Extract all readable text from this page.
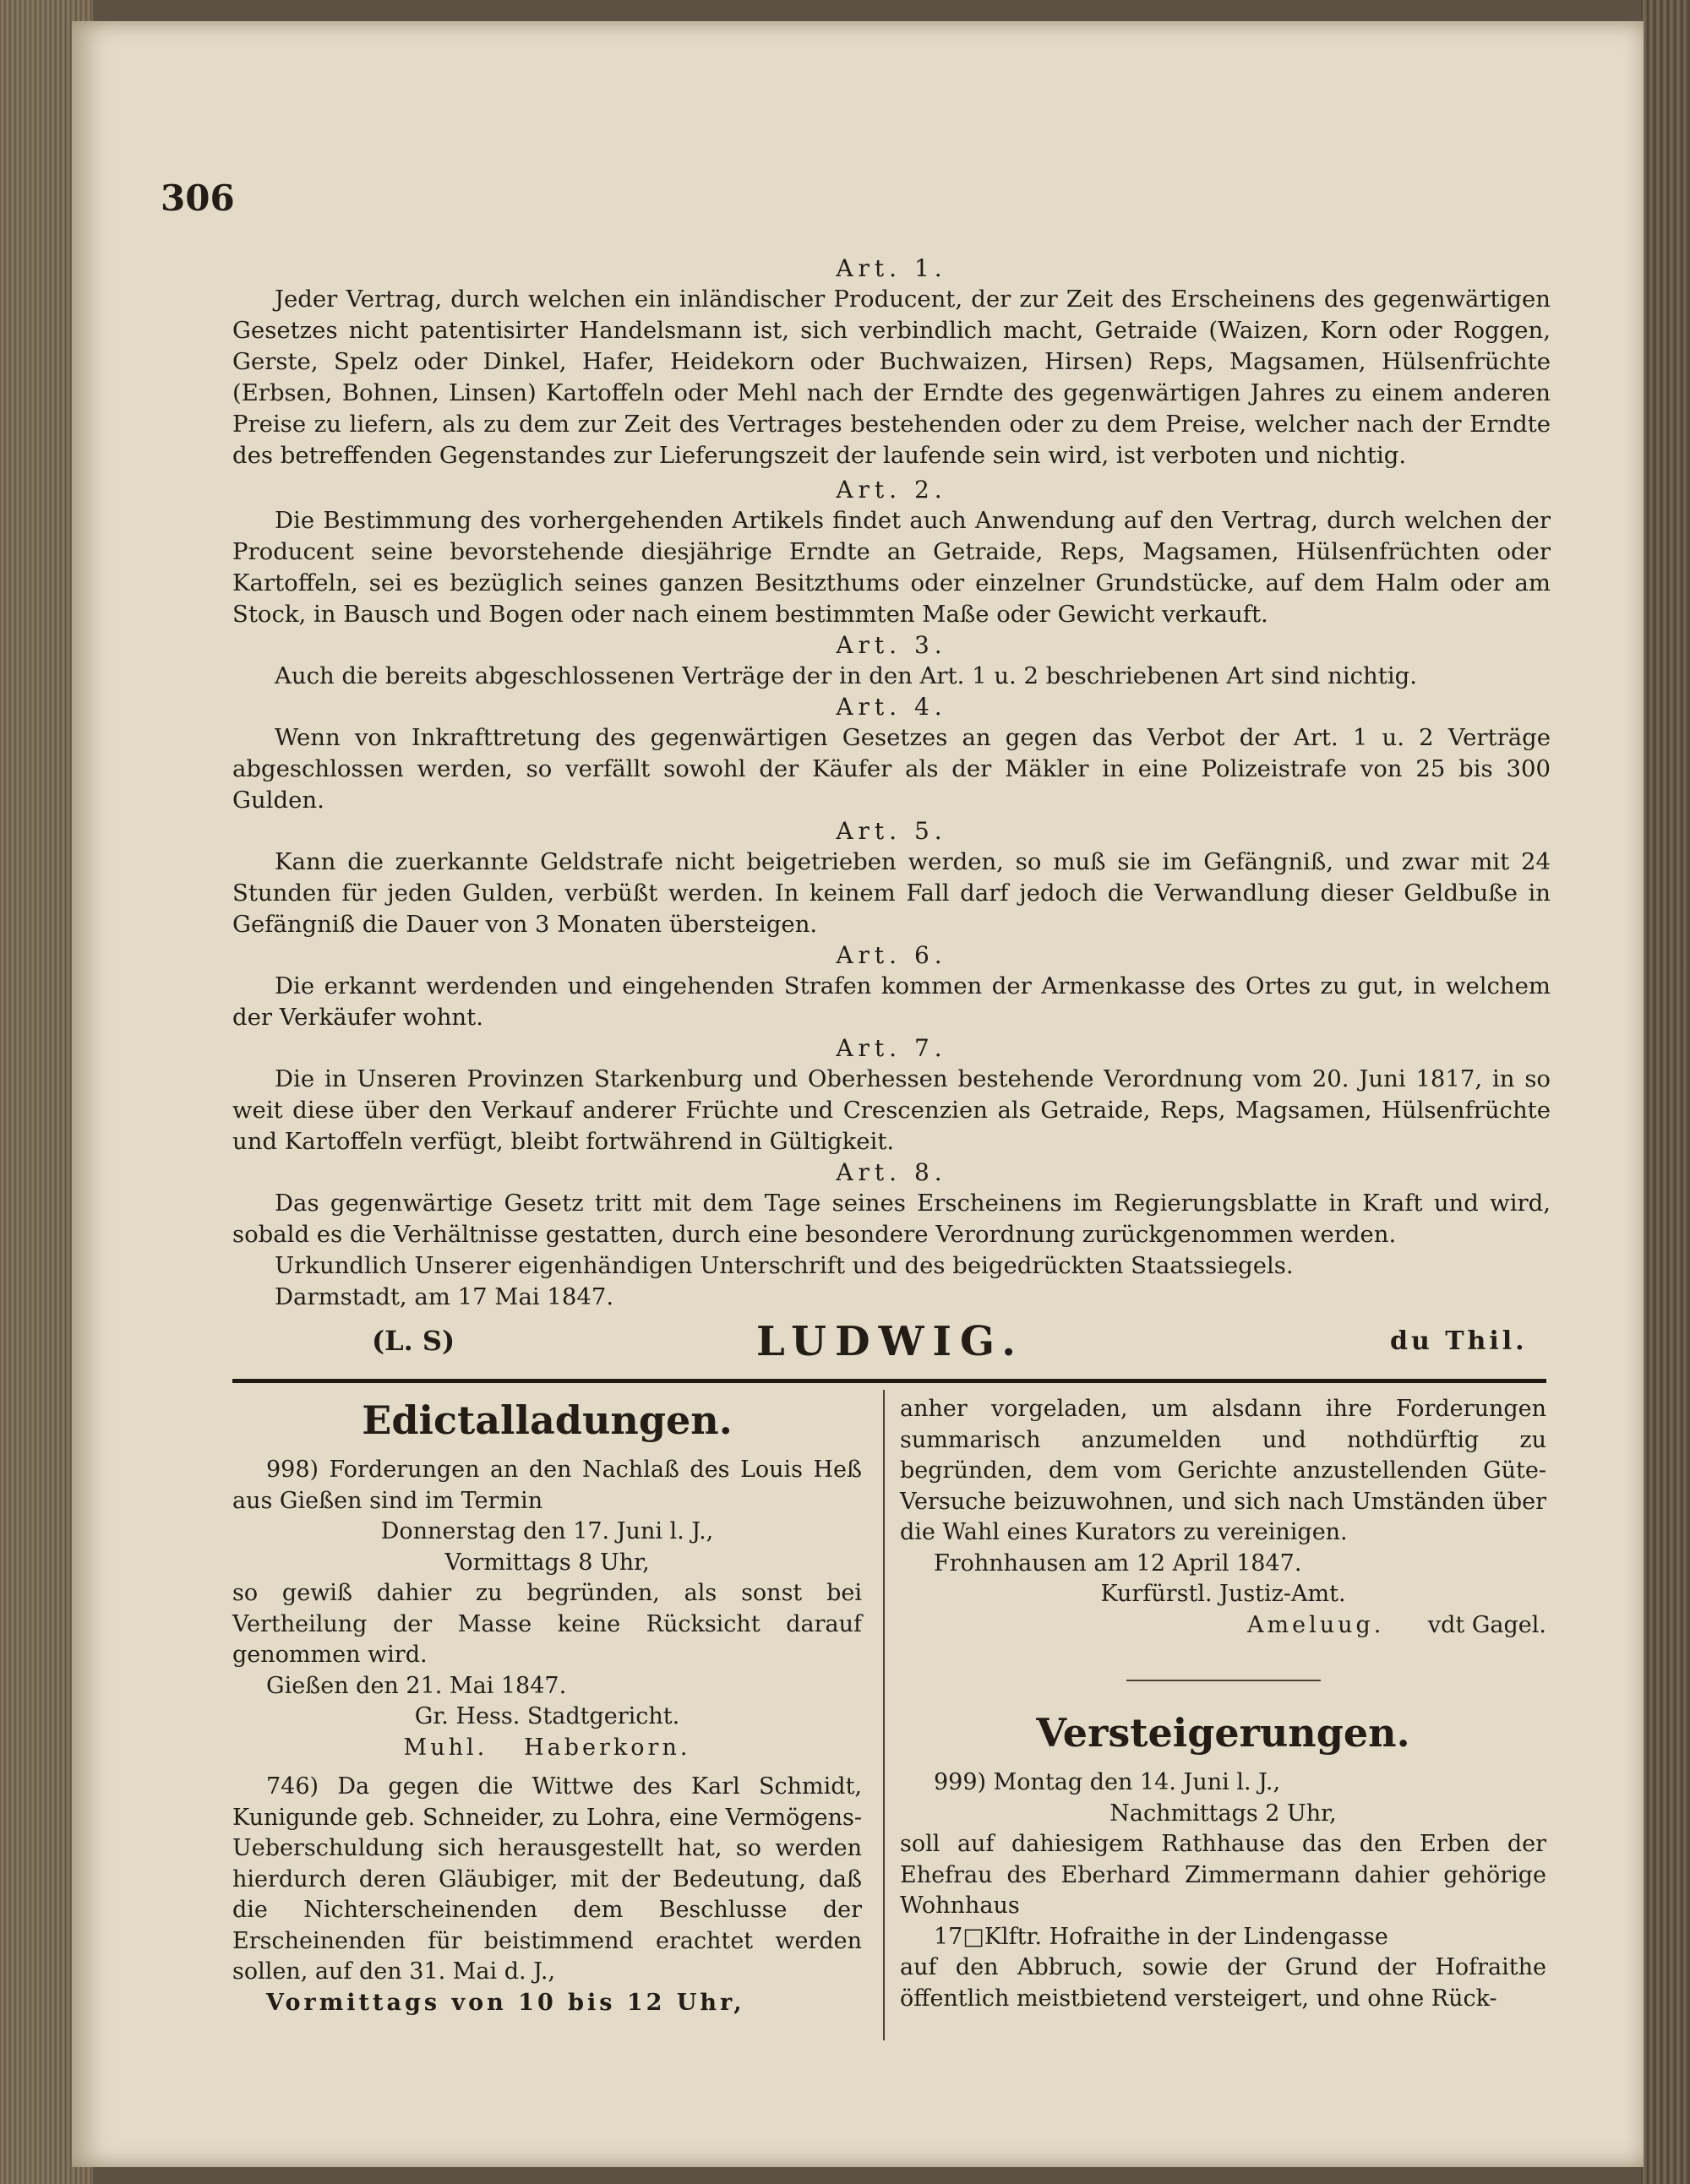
306
Art. 1.

Jeder Vertrag, durch welchen ein inländischer Producent, der zur Zeit des Erscheinens des gegenwärtigen Gesetzes nicht patentisirter Handelsmann ist, sich verbindlich macht, Getraide (Waizen, Korn oder Roggen, Gerste, Spelz oder Dinkel, Hafer, Heidekorn oder Buchwaizen, Hirsen) Reps, Magsamen, Hülsenfrüchte (Erbsen, Bohnen, Linsen) Kartoffeln oder Mehl nach der Erndte des gegenwärtigen Jahres zu einem anderen Preise zu liefern, als zu dem zur Zeit des Vertrages bestehenden oder zu dem Preise, welcher nach der Erndte des betreffenden Gegenstandes zur Lieferungszeit der laufende sein wird, ist verboten und nichtig.

Art. 2.

Die Bestimmung des vorhergehenden Artikels findet auch Anwendung auf den Vertrag, durch welchen der Producent seine bevorstehende diesjährige Erndte an Getraide, Reps, Magsamen, Hülsenfrüchten oder Kartoffeln, sei es bezüglich seines ganzen Besitzthums oder einzelner Grundstücke, auf dem Halm oder am Stock, in Bausch und Bogen oder nach einem bestimmten Maße oder Gewicht verkauft.

Art. 3.

Auch die bereits abgeschlossenen Verträge der in den Art. 1 u. 2 beschriebenen Art sind nichtig.

Art. 4.

Wenn von Inkrafttretung des gegenwärtigen Gesetzes an gegen das Verbot der Art. 1 u. 2 Verträge abgeschlossen werden, so verfällt sowohl der Käufer als der Mäkler in eine Polizeistrafe von 25 bis 300 Gulden.

Art. 5.

Kann die zuerkannte Geldstrafe nicht beigetrieben werden, so muß sie im Gefängniß, und zwar mit 24 Stunden für jeden Gulden, verbüßt werden. In keinem Fall darf jedoch die Verwandlung dieser Geldbuße in Gefängniß die Dauer von 3 Monaten übersteigen.

Art. 6.

Die erkannt werdenden und eingehenden Strafen kommen der Armenkasse des Ortes zu gut, in welchem der Verkäufer wohnt.

Art. 7.

Die in Unseren Provinzen Starkenburg und Oberhessen bestehende Verordnung vom 20. Juni 1817, in so weit diese über den Verkauf anderer Früchte und Crescenzien als Getraide, Reps, Magsamen, Hülsenfrüchte und Kartoffeln verfügt, bleibt fortwährend in Gültigkeit.

Art. 8.

Das gegenwärtige Gesetz tritt mit dem Tage seines Erscheinens im Regierungsblatte in Kraft und wird, sobald es die Verhältnisse gestatten, durch eine besondere Verordnung zurückgenommen werden.

Urkundlich Unserer eigenhändigen Unterschrift und des beigedrückten Staatssiegels.

Darmstadt, am 17 Mai 1847.

(L. S)	LUDWIG.	du Thil.
Edictalladungen.

998) Forderungen an den Nachlaß des Louis Heß aus Gießen sind im Termin

Donnerstag den 17. Juni l. J.,

Vormittags 8 Uhr,

so gewiß dahier zu begründen, als sonst bei Vertheilung der Masse keine Rücksicht darauf genommen wird.

Gießen den 21. Mai 1847.

Gr. Hess. Stadtgericht.

Muhl. Haberkorn.

746) Da gegen die Wittwe des Karl Schmidt, Kunigunde geb. Schneider, zu Lohra, eine Vermögens-Ueberschuldung sich herausgestellt hat, so werden hierdurch deren Gläubiger, mit der Bedeutung, daß die Nichterscheinenden dem Beschlusse der Erscheinenden für beistimmend erachtet werden sollen, auf den 31. Mai d. J.,

Vormittags von 10 bis 12 Uhr,

anher vorgeladen, um alsdann ihre Forderungen summarisch anzumelden und nothdürftig zu begründen, dem vom Gerichte anzustellenden Güte-Versuche beizuwohnen, und sich nach Umständen über die Wahl eines Kurators zu vereinigen.

Frohnhausen am 12 April 1847.

Kurfürstl. Justiz-Amt.

Ameluug. vdt Gagel.

Versteigerungen.

999) Montag den 14. Juni l. J.,

Nachmittags 2 Uhr,

soll auf dahiesigem Rathhause das den Erben der Ehefrau des Eberhard Zimmermann dahier gehörige Wohnhaus

17□Klftr. Hofraithe in der Lindengasse

auf den Abbruch, sowie der Grund der Hofraithe öffentlich meistbietend versteigert, und ohne Rück-
